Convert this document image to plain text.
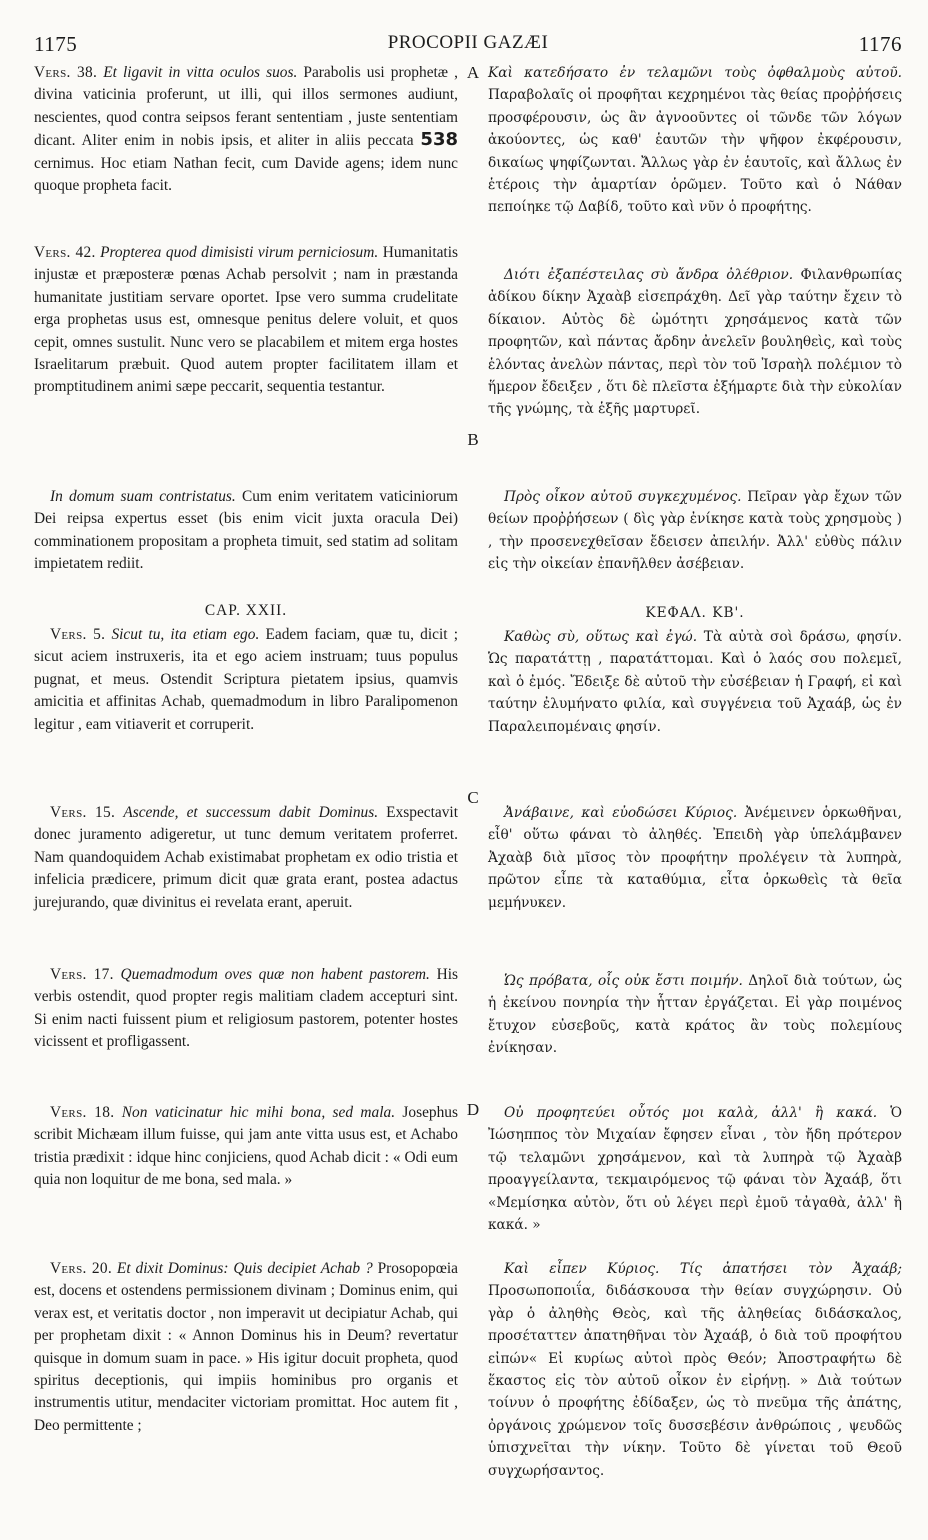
1175	PROCOPII GAZÆI	1176
A
B
C
D

Vers. 38. Et ligavit in vitta oculos suos. Parabolis usi prophetæ , divina vaticinia proferunt, ut illi, qui illos sermones audiunt, nescientes, quod contra seipsos ferant sententiam , juste sententiam dicant. Aliter enim in nobis ipsis, et aliter in aliis peccata 538 cernimus. Hoc etiam Nathan fecit, cum Davide agens; idem nunc quoque propheta facit.

Vers. 42. Propterea quod dimisisti virum perniciosum. Humanitatis injustæ et præposteræ pœnas Achab persolvit ; nam in præstanda humanitate justitiam servare oportet. Ipse vero summa crudelitate erga prophetas usus est, omnesque penitus delere voluit, et quos cepit, omnes sustulit. Nunc vero se placabilem et mitem erga hostes Israelitarum præbuit. Quod autem propter facilitatem illam et promptitudinem animi sæpe peccarit, sequentia testantur.

In domum suam contristatus. Cum enim veritatem vaticiniorum Dei reipsa expertus esset (bis enim vicit juxta oracula Dei) comminationem propositam a propheta timuit, sed statim ad solitam impietatem rediit.

CAP. XXII.

Vers. 5. Sicut tu, ita etiam ego. Eadem faciam, quæ tu, dicit ; sicut aciem instruxeris, ita et ego aciem instruam; tuus populus pugnat, et meus. Ostendit Scriptura pietatem ipsius, quamvis amicitia et affinitas Achab, quemadmodum in libro Paralipomenon legitur , eam vitiaverit et corruperit.

Vers. 15. Ascende, et successum dabit Dominus. Exspectavit donec juramento adigeretur, ut tunc demum veritatem proferret. Nam quandoquidem Achab existimabat prophetam ex odio tristia et infelicia prædicere, primum dicit quæ grata erant, postea adactus jurejurando, quæ divinitus ei revelata erant, aperuit.

Vers. 17. Quemadmodum oves quæ non habent pastorem. His verbis ostendit, quod propter regis malitiam cladem accepturi sint. Si enim nacti fuissent pium et religiosum pastorem, potenter hostes vicissent et profligassent.

Vers. 18. Non vaticinatur hic mihi bona, sed mala. Josephus scribit Michæam illum fuisse, qui jam ante vitta usus est, et Achabo tristia prædixit : idque hinc conjiciens, quod Achab dicit : « Odi eum quia non loquitur de me bona, sed mala. »

Vers. 20. Et dixit Dominus: Quis decipiet Achab ? Prosopopœia est, docens et ostendens permissionem divinam ; Dominus enim, qui verax est, et veritatis doctor , non imperavit ut decipiatur Achab, qui per prophetam dixit : « Annon Dominus his in Deum? revertatur quisque in domum suam in pace. » His igitur docuit propheta, quod spiritus deceptionis, qui impiis hominibus pro organis et instrumentis utitur, mendaciter victoriam promittat. Hoc autem fit , Deo permittente ;

Καὶ κατεδήσατο ἐν τελαμῶνι τοὺς ὀφθαλμοὺς αὐτοῦ. Παραβολαῖς οἱ προφῆται κεχρημένοι τὰς θείας προῤῥήσεις προσφέρουσιν, ὡς ἂν ἀγνοοῦντες οἱ τῶνδε τῶν λόγων ἀκούοντες, ὡς καθ' ἑαυτῶν τὴν ψῆφον ἐκφέρουσιν, δικαίως ψηφίζωνται. Ἄλλως γὰρ ἐν ἑαυτοῖς, καὶ ἄλλως ἐν ἑτέροις τὴν ἁμαρτίαν ὁρῶμεν. Τοῦτο καὶ ὁ Νάθαν πεποίηκε τῷ Δαβίδ, τοῦτο καὶ νῦν ὁ προφήτης.

Διότι ἐξαπέστειλας σὺ ἄνδρα ὀλέθριον. Φιλανθρωπίας ἀδίκου δίκην Ἀχαὰβ εἰσεπράχθη. Δεῖ γὰρ ταύτην ἔχειν τὸ δίκαιον. Αὐτὸς δὲ ὠμότητι χρησάμενος κατὰ τῶν προφητῶν, καὶ πάντας ἄρδην ἀνελεῖν βουληθεὶς, καὶ τοὺς ἑλόντας ἀνελὼν πάντας, περὶ τὸν τοῦ Ἰσραὴλ πολέμιον τὸ ἥμερον ἔδειξεν , ὅτι δὲ πλεῖστα ἐξήμαρτε διὰ τὴν εὐκολίαν τῆς γνώμης, τὰ ἑξῆς μαρτυρεῖ.

Πρὸς οἶκον αὐτοῦ συγκεχυμένος. Πεῖραν γὰρ ἔχων τῶν θείων προῤῥήσεων ( δὶς γὰρ ἐνίκησε κατὰ τοὺς χρησμοὺς ) , τὴν προσενεχθεῖσαν ἔδεισεν ἀπειλήν. Ἀλλ' εὐθὺς πάλιν εἰς τὴν οἰκείαν ἐπανῆλθεν ἀσέβειαν.

ΚΕΦΑΛ. ΚΒ'.

Καθὼς σὺ, οὕτως καὶ ἐγώ. Τὰ αὐτὰ σοὶ δράσω, φησίν. Ὡς παρατάττῃ , παρατάττομαι. Καὶ ὁ λαός σου πολεμεῖ, καὶ ὁ ἐμός. Ἔδειξε δὲ αὐτοῦ τὴν εὐσέβειαν ἡ Γραφή, εἰ καὶ ταύτην ἐλυμήνατο φιλία, καὶ συγγένεια τοῦ Ἀχαάβ, ὡς ἐν Παραλειπομέναις φησίν.

Ἀνάβαινε, καὶ εὐοδώσει Κύριος. Ἀνέμεινεν ὁρκωθῆναι, εἶθ' οὕτω φάναι τὸ ἀληθές. Ἐπειδὴ γὰρ ὑπελάμβανεν Ἀχαὰβ διὰ μῖσος τὸν προφήτην προλέγειν τὰ λυπηρὰ, πρῶτον εἶπε τὰ καταθύμια, εἶτα ὁρκωθεὶς τὰ θεῖα μεμήνυκεν.

Ὡς πρόβατα, οἷς οὐκ ἔστι ποιμήν. Δηλοῖ διὰ τούτων, ὡς ἡ ἐκείνου πονηρία τὴν ἧτταν ἐργάζεται. Εἰ γὰρ ποιμένος ἔτυχον εὐσεβοῦς, κατὰ κράτος ἂν τοὺς πολεμίους ἐνίκησαν.

Οὐ προφητεύει οὗτός μοι καλὰ, ἀλλ' ἢ κακά. Ὁ Ἰώσηππος τὸν Μιχαίαν ἔφησεν εἶναι , τὸν ἤδη πρότερον τῷ τελαμῶνι χρησάμενον, καὶ τὰ λυπηρὰ τῷ Ἀχαὰβ προαγγείλαντα, τεκμαιρόμενος τῷ φάναι τὸν Ἀχαάβ, ὅτι «Μεμίσηκα αὐτὸν, ὅτι οὐ λέγει περὶ ἐμοῦ τἀγαθὰ, ἀλλ' ἢ κακά. »

Καὶ εἶπεν Κύριος. Τίς ἀπατήσει τὸν Ἀχαάβ; Προσωποποιΐα, διδάσκουσα τὴν θείαν συγχώρησιν. Οὐ γὰρ ὁ ἀληθὴς Θεὸς, καὶ τῆς ἀληθείας διδάσκαλος, προσέταττεν ἀπατηθῆναι τὸν Ἀχαάβ, ὁ διὰ τοῦ προφήτου εἰπών« Εἰ κυρίως αὐτοὶ πρὸς Θεόν; Ἀποστραφήτω δὲ ἕκαστος εἰς τὸν αὐτοῦ οἶκον ἐν εἰρήνῃ. » Διὰ τούτων τοίνυν ὁ προφήτης ἐδίδαξεν, ὡς τὸ πνεῦμα τῆς ἀπάτης, ὀργάνοις χρώμενον τοῖς δυσσεβέσιν ἀνθρώποις , ψευδῶς ὑπισχνεῖται τὴν νίκην. Τοῦτο δὲ γίνεται τοῦ Θεοῦ συγχωρήσαντος.
